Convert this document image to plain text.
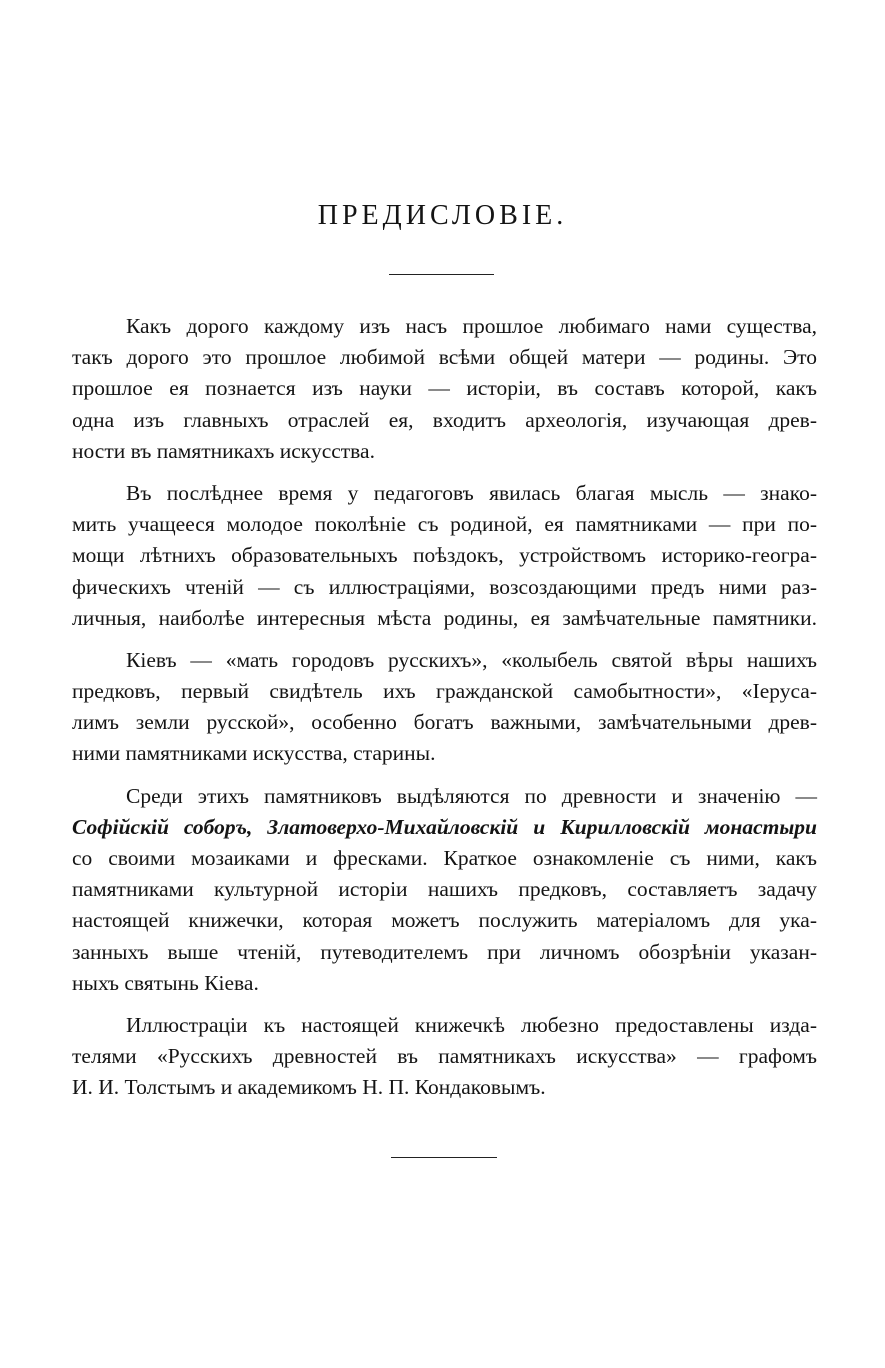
ПРЕДИСЛОВІЕ.
Какъ дорого каждому изъ насъ прошлое любимаго нами существа,
такъ дорого это прошлое любимой всѣми общей матери — родины. Это
прошлое ея познается изъ науки — исторіи, въ составъ которой, какъ
одна изъ главныхъ отраслей ея, входитъ археологія, изучающая древ-
ности въ памятникахъ искусства.
Въ послѣднее время у педагоговъ явилась благая мысль — знако-
мить учащееся молодое поколѣніе съ родиной, ея памятниками — при по-
мощи лѣтнихъ образовательныхъ поѣздокъ, устройствомъ историко-геогра-
фическихъ чтеній — съ иллюстраціями, возсоздающими предъ ними раз-
личныя, наиболѣе интересныя мѣста родины, ея замѣчательные памятники.
Кіевъ — «мать городовъ русскихъ», «колыбель святой вѣры нашихъ
предковъ, первый свидѣтель ихъ гражданской самобытности», «Іеруса-
лимъ земли русской», особенно богатъ важными, замѣчательными древ-
ними памятниками искусства, старины.
Среди этихъ памятниковъ выдѣляются по древности и значенію —
Софійскій соборъ, Златоверхо-Михайловскій и Кирилловскій монастыри
со своими мозаиками и фресками. Краткое ознакомленіе съ ними, какъ
памятниками культурной исторіи нашихъ предковъ, составляетъ задачу
настоящей книжечки, которая можетъ послужить матеріаломъ для ука-
занныхъ выше чтеній, путеводителемъ при личномъ обозрѣніи указан-
ныхъ святынь Кіева.
Иллюстраціи къ настоящей книжечкѣ любезно предоставлены изда-
телями «Русскихъ древностей въ памятникахъ искусства» — графомъ
И. И. Толстымъ и академикомъ Н. П. Кондаковымъ.
